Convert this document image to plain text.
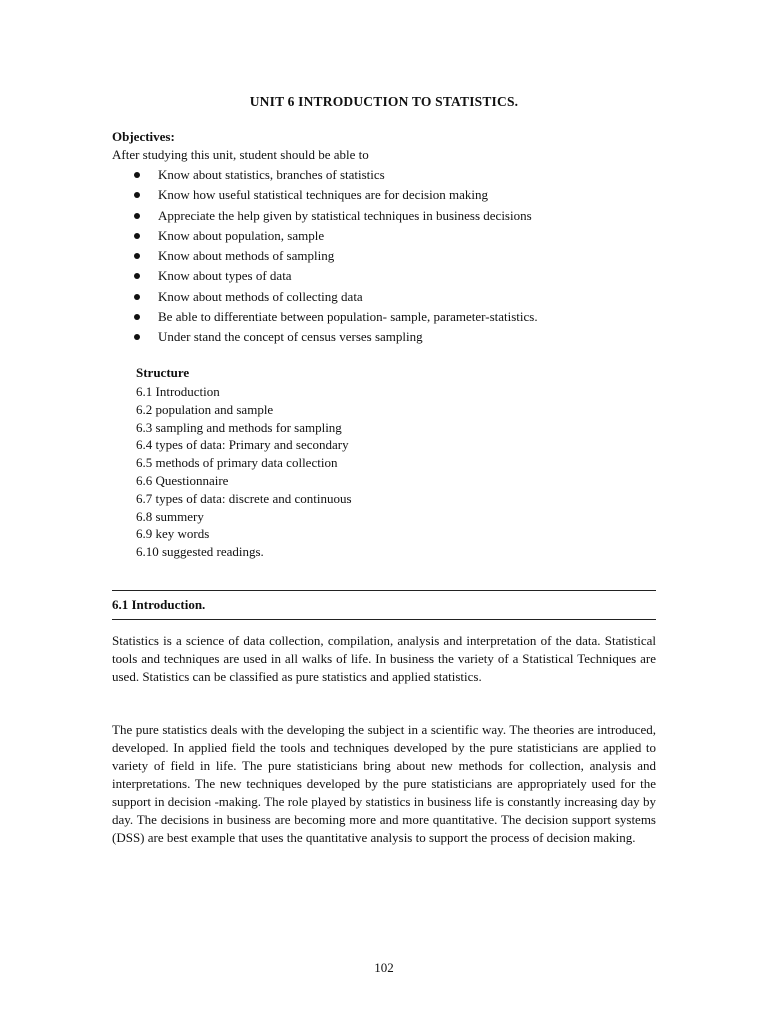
UNIT 6 INTRODUCTION TO STATISTICS.
Objectives:
After studying this unit, student should be able to
Know about statistics, branches of statistics
Know how useful statistical techniques are for decision making
Appreciate the help given by statistical techniques in business decisions
Know about population, sample
Know about methods of sampling
Know about types of data
Know about methods of collecting data
Be able to differentiate between population- sample, parameter-statistics.
Under stand the concept of census verses sampling
Structure
6.1 Introduction
6.2 population and sample
6.3 sampling and methods for sampling
6.4 types of data: Primary and secondary
6.5 methods of primary data collection
6.6 Questionnaire
6.7 types of data: discrete and continuous
6.8 summery
6.9 key words
6.10 suggested readings.
6.1 Introduction.

Statistics is a science of data collection, compilation, analysis and interpretation of the data. Statistical tools and techniques are used in all walks of life. In business the variety of a Statistical Techniques are used. Statistics can be classified as pure statistics and applied statistics.

The pure statistics deals with the developing the subject in a scientific way. The theories are introduced, developed. In applied field the tools and techniques developed by the pure statisticians are applied to variety of field in life. The pure statisticians bring about new methods for collection, analysis and interpretations. The new techniques developed by the pure statisticians are appropriately used for the support in decision -making. The role played by statistics in business life is constantly increasing day by day. The decisions in business are becoming more and more quantitative. The decision support systems (DSS) are best example that uses the quantitative analysis to support the process of decision making.

102
